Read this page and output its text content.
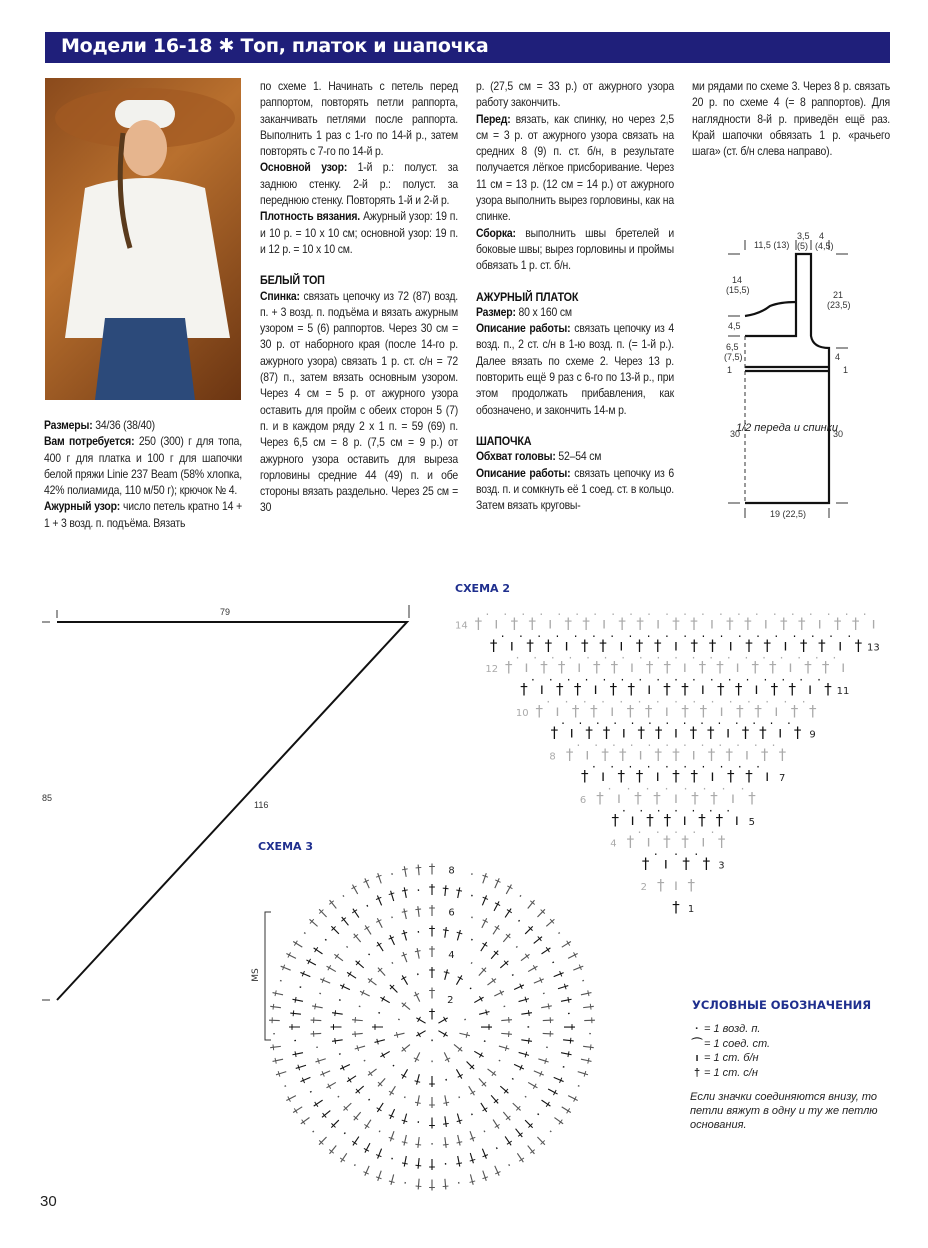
Модели 16-18 ✱ Топ, платок и шапочка

Размеры: 34/36 (38/40)

Вам потребуется: 250 (300) г для топа, 400 г для платка и 100 г для шапочки белой пряжи Linie 237 Beam (58% хлопка, 42% полиамида, 110 м/50 г); крючок № 4.

Ажурный узор: число петель кратно 14 + 1 + 3 возд. п. подъёма. Вязать

по схеме 1. Начинать с петель перед раппортом, повторять петли раппорта, заканчивать петлями после раппорта. Выполнить 1 раз с 1-го по 14-й р., затем повторять с 7-го по 14-й р.

Основной узор: 1-й р.: полуст. за заднюю стенку. 2-й р.: полуст. за переднюю стенку. Повторять 1-й и 2-й р.

Плотность вязания. Ажурный узор: 19 п. и 10 р. = 10 х 10 см; основной узор: 19 п. и 12 р. = 10 х 10 см.

БЕЛЫЙ ТОП

Спинка: связать цепочку из 72 (87) возд. п. + 3 возд. п. подъёма и вязать ажурным узором = 5 (6) раппортов. Через 30 см = 30 р. от наборного края (после 14-го р. ажурного узора) связать 1 р. ст. с/н = 72 (87) п., затем вязать основным узором. Через 4 см = 5 р. от ажурного узора оставить для пройм с обеих сторон 5 (7) п. и в каждом ряду 2 х 1 п. = 59 (69) п. Через 6,5 см = 8 р. (7,5 см = 9 р.) от ажурного узора оставить для выреза горловины средние 44 (49) п. и обе стороны вязать раздельно. Через 25 см = 30

р. (27,5 см = 33 р.) от ажурного узора работу закончить.

Перед: вязать, как спинку, но через 2,5 см = 3 р. от ажурного узора связать на средних 8 (9) п. ст. б/н, в результате получается лёгкое присборивание. Через 11 см = 13 р. (12 см = 14 р.) от ажурного узора выполнить вырез горловины, как на спинке.

Сборка: выполнить швы бретелей и боковые швы; вырез горловины и проймы обвязать 1 р. ст. б/н.

АЖУРНЫЙ ПЛАТОК

Размер: 80 х 160 см

Описание работы: связать цепочку из 4 возд. п., 2 ст. с/н в 1-ю возд. п. (= 1-й р.). Далее вязать по схеме 2. Через 13 р. повторить ещё 9 раз с 6-го по 13-й р., при этом продолжать прибавления, как обозначено, и закончить 14-м р.

ШАПОЧКА

Обхват головы: 52–54 см

Описание работы: связать цепочку из 6 возд. п. и сомкнуть её 1 соед. ст. в кольцо. Затем вязать круговы-

ми рядами по схеме 3. Через 8 р. связать 20 р. по схеме 4 (= 8 раппортов). Для наглядности 8-й р. приведён ещё раз. Край шапочки обвязать 1 р. «рачьего шага» (ст. б/н слева направо).

11,5 (13)
3,5
(5)
4
(4,5)
14
(15,5)	21
(23,5)
4,5
6,5
(7,5)
1	1
4
30	30
19 (22,5)
1/2 переда и спинки
79
85
116
† 1
† ı †
2
† · ı · † · † 3
† · ı · † · † · ı · †
4
† · ı · † · † · ı · † · † · ı 5
† · ı · † · † · ı · † · † · ı · †
6
† · ı · † · † · ı · † · † · ı · † · † · ı 7
† · ı · † · † · ı · † · † · ı · † · † · ı · † · †
8
† · ı · † · † · ı · † · † · ı · † · † · ı · † · † · ı · † 9
† · ı · † · † · ı · † · † · ı · † · † · ı · † · † · ı · † · †
10
† · ı · † · † · ı · † · † · ı · † · † · ı · † · † · ı · † · † · ı · † 11
† · ı · † · † · ı · † · † · ı · † · † · ı · † · † · ı · † · † · ı · † · † · ı
12
† · ı · † · † · ı · † · † · ı · † · † · ı · † · † · ı · † · † · ı · † · † · ı · † 13
† · ı · † · † · ı · † · † · ı · † · † · ı · † · † · ı · † · † · ı · † · † · ı · † · † · ı
14
† †
†
·
†
†
†
·
†
†
†
·
†
†
†
·
†
† 2
† † †
·
†
†
†
·
†
†
†
·
†
†
†
·
†
†
†
·
†
†
† ·
†
·
†
†
†
·
†
†
†
·
†
†
†
·
†
†
†
·
†
†
†
·
†
†
†
·
†
†
†
· † †	4
† † † · †
†
†
·
†
†
†
·
†
†
†
·
†
†
†
·
†
†
†
·
†
†
†
·
†
†
†
·
†
†
†
·
†
†
†
·
† † † ·
† · †
†
†
·
†
†
†
·
†
†
†
·
†
†
†
·
†
†
†
·
†
†
†
·
†
†
†
·
†
†
†
·
†
†
†
·
†
†
†
·
†
†
†
·
†
†
† · † †	6
† † † · † †
†
·
†
†
†
·
†
†
†
·
†
†
†
·
†
†
†
·
†
†
†
·
†
†
†
·
†
†
†
·
†
†
†
·
†
†
†
·
†
†
†
·
†
†
†
·
†
†
†
·
†
†
† · † † † ·
† · † † †
·
†
†
†
·
†
†
†
·
†
†
†
·
†
†
†
·
†
†
†
·
†
†
†
·
†
†
†
·
†
†
†
·
†
†
†
·
†
†
†
·
†
†
†
·
†
†
†
·
†
†
†
·
†
†
†
·
†
†
†
·
† † † · † †	8
MS
СХЕМА 2
СХЕМА 3
УСЛОВНЫЕ ОБОЗНАЧЕНИЯ
· = 1 возд. п.
⌒ = 1 соед. ст.
ı = 1 ст. б/н
† = 1 ст. с/н
Если значки соединяются внизу, то петли вяжут в одну и ту же петлю основания.
30
